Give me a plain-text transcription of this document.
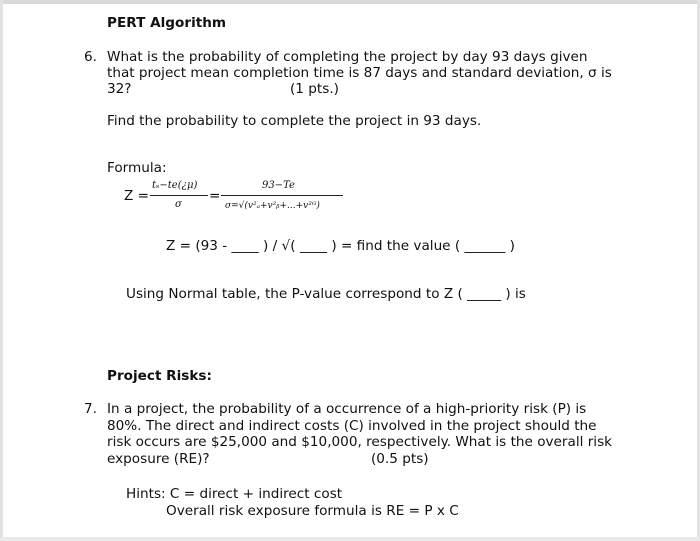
PERT Algorithm
6. What is the probability of completing the project by day 93 days given
that project mean completion time is 87 days and standard deviation, σ is
32?	(1 pts.)
Find the probability to complete the project in 93 days.
Formula:
Z =
tₛ−te(¿μ)
σ
=
93−Te
σ=√(v²ₐ+v²ᵦ+...+v²ᴳ)
Z = (93 - ____ ) / √( ____ ) = find the value ( ______ )
Using Normal table, the P-value correspond to Z ( _____ ) is
Project Risks:
7. In a project, the probability of a occurrence of a high-priority risk (P) is
80%. The direct and indirect costs (C) involved in the project should the
risk occurs are $25,000 and $10,000, respectively. What is the overall risk
exposure (RE)?	(0.5 pts)
Hints: C = direct + indirect cost
Overall risk exposure formula is RE = P x C
